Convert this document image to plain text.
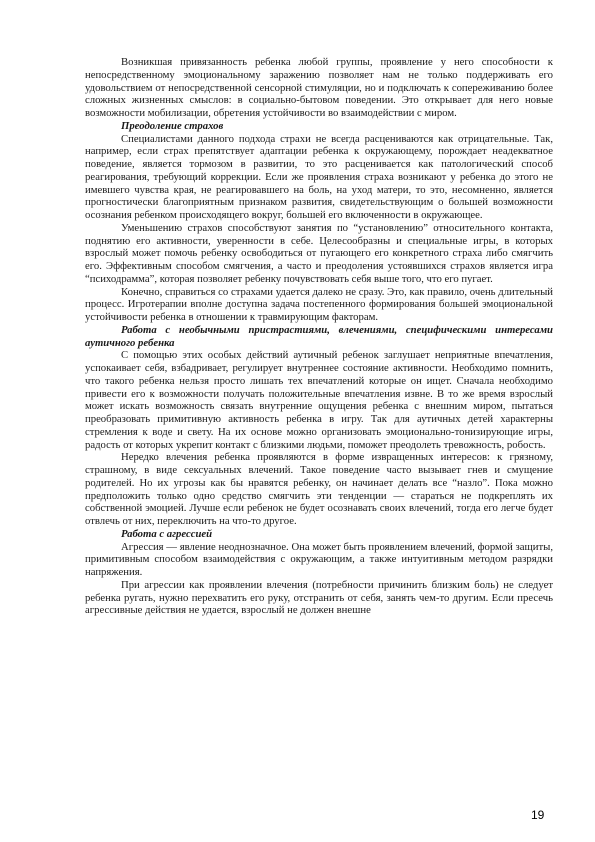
Возникшая привязанность ребенка любой группы, проявление у него способности к непосредственному эмоциональному заражению позволяет нам не только поддерживать его удовольствием от непосредственной сенсорной стимуляции, но и подключать к сопереживанию более сложных жизненных смыслов: в социально-бытовом поведении. Это открывает для него новые возможности мобилизации, обретения устойчивости во взаимодействии с миром.

Преодоление страхов

Специалистами данного подхода страхи не всегда расцениваются как отрицательные. Так, например, если страх препятствует адаптации ребенка к окружающему, порождает неадекватное поведение, является тормозом в развитии, то это расценивается как патологический способ реагирования, требующий коррекции. Если же проявления страха возникают у ребенка до этого не имевшего чувства края, не реагировавшего на боль, на уход матери, то это, несомненно, является прогностически благоприятным признаком развития, свидетельствующим о большей возможности осознания ребенком происходящего вокруг, большей его включенности в окружающее.

Уменьшению страхов способствуют занятия по “установлению” относительного контакта, поднятию его активности, уверенности в себе. Целесообразны и специальные игры, в которых взрослый может помочь ребенку освободиться от пугающего его конкретного страха либо смягчить его. Эффективным способом смягчения, а часто и преодоления устоявшихся страхов является игра “психодрамма”, которая позволяет ребенку почувствовать себя выше того, что его пугает.

Конечно, справиться со страхами удается далеко не сразу. Это, как правило, очень длительный процесс. Игротерапии вполне доступна задача постепенного формирования большей эмоциональной устойчивости ребенка в отношении к травмирующим факторам.

Работа с необычными пристрастиями, влечениями, специфическими интересами аутичного ребенка

С помощью этих особых действий аутичный ребенок заглушает неприятные впечатления, успокаивает себя, взбадривает, регулирует внутреннее состояние активности. Необходимо помнить, что такого ребенка нельзя просто лишать тех впечатлений которые он ищет. Сначала необходимо привести его к возможности получать положительные впечатления извне. В то же время взрослый может искать возможность связать внутренние ощущения ребенка с внешним миром, пытаться преобразовать примитивную активность ребенка в игру. Так для аутичных детей характерны стремления к воде и свету. На их основе можно организовать эмоционально-тонизирующие игры, радость от которых укрепит контакт с близкими людьми, поможет преодолеть тревожность, робость.

Нередко влечения ребенка проявляются в форме извращенных интересов: к грязному, страшному, в виде сексуальных влечений. Такое поведение часто вызывает гнев и смущение родителей. Но их угрозы как бы нравятся ребенку, он начинает делать все “назло”. Пока можно предположить только одно средство смягчить эти тенденции — стараться не подкреплять их собственной эмоцией. Лучше если ребенок не будет осознавать своих влечений, тогда его легче будет отвлечь от них, переключить на что-то другое.

Работа с агрессией

Агрессия — явление неоднозначное. Она может быть проявлением влечений, формой защиты, примитивным способом взаимодействия с окружающим, а также интуитивным методом разрядки напряжения.

При агрессии как проявлении влечения (потребности причинить близким боль) не следует ребенка ругать, нужно перехватить его руку, отстранить от себя, занять чем-то другим. Если пресечь агрессивные действия не удается, взрослый не должен внешне

19
